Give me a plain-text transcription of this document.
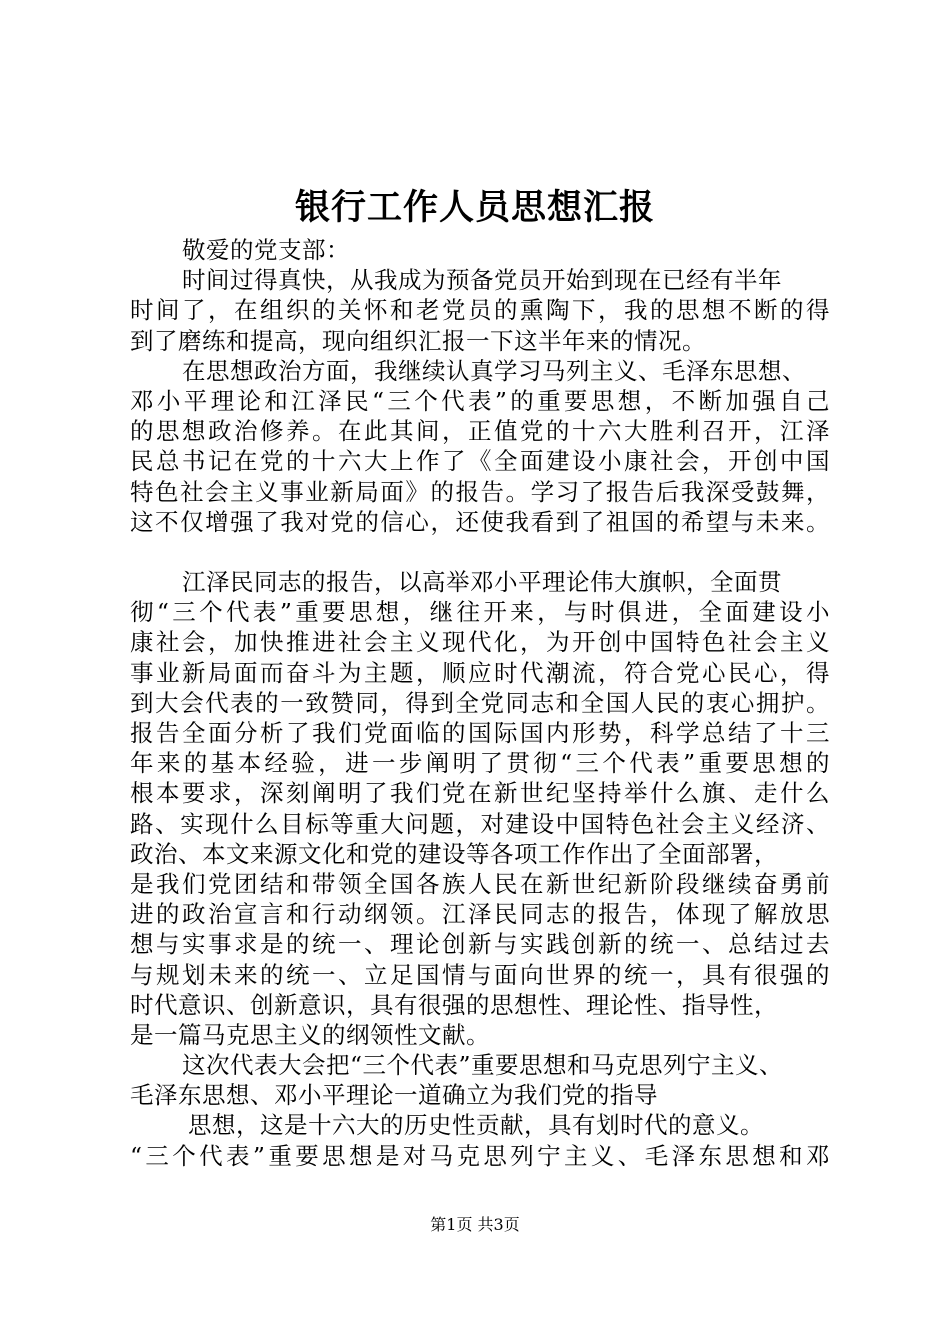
银行工作人员思想汇报
敬爱的党支部：
时间过得真快，从我成为预备党员开始到现在已经有半年
时间了，在组织的关怀和老党员的熏陶下，我的思想不断的得
到了磨练和提高，现向组织汇报一下这半年来的情况。
在思想政治方面，我继续认真学习马列主义、毛泽东思想、
邓小平理论和江泽民“三个代表”的重要思想，不断加强自己
的思想政治修养。在此其间，正值党的十六大胜利召开，江泽
民总书记在党的十六大上作了《全面建设小康社会，开创中国
特色社会主义事业新局面》的报告。学习了报告后我深受鼓舞，
这不仅增强了我对党的信心，还使我看到了祖国的希望与未来。
江泽民同志的报告，以高举邓小平理论伟大旗帜，全面贯
彻“三个代表”重要思想，继往开来，与时俱进，全面建设小
康社会，加快推进社会主义现代化，为开创中国特色社会主义
事业新局面而奋斗为主题，顺应时代潮流，符合党心民心，得
到大会代表的一致赞同，得到全党同志和全国人民的衷心拥护。
报告全面分析了我们党面临的国际国内形势，科学总结了十三
年来的基本经验，进一步阐明了贯彻“三个代表”重要思想的
根本要求，深刻阐明了我们党在新世纪坚持举什么旗、走什么
路、实现什么目标等重大问题，对建设中国特色社会主义经济、
政治、本文来源文化和党的建设等各项工作作出了全面部署，
是我们党团结和带领全国各族人民在新世纪新阶段继续奋勇前
进的政治宣言和行动纲领。江泽民同志的报告，体现了解放思
想与实事求是的统一、理论创新与实践创新的统一、总结过去
与规划未来的统一、立足国情与面向世界的统一，具有很强的
时代意识、创新意识，具有很强的思想性、理论性、指导性，
是一篇马克思主义的纲领性文献。
这次代表大会把“三个代表”重要思想和马克思列宁主义、
毛泽东思想、邓小平理论一道确立为我们党的指导
思想，这是十六大的历史性贡献，具有划时代的意义。
“三个代表”重要思想是对马克思列宁主义、毛泽东思想和邓
第1页 共3页
